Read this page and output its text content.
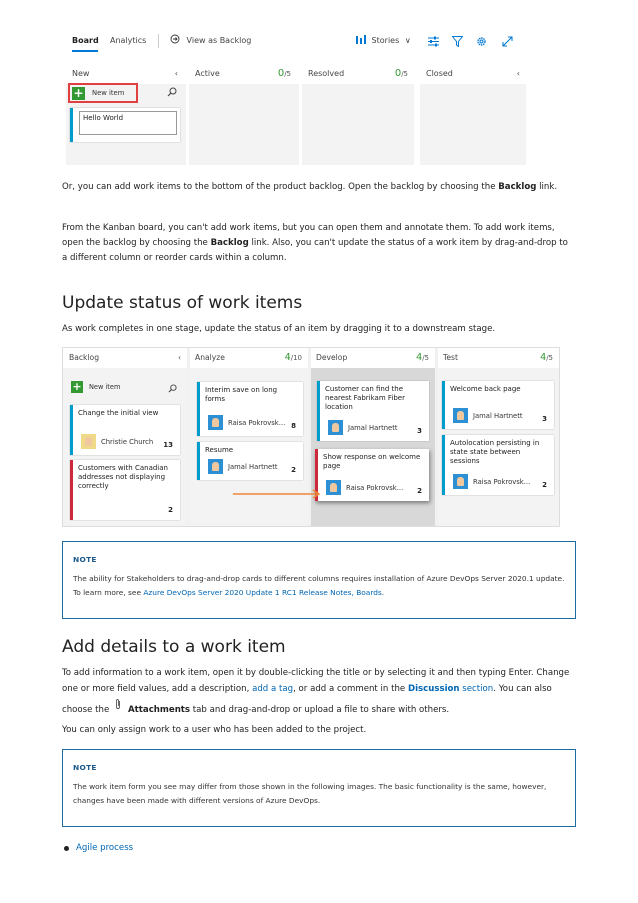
Board Analytics	View as Backlog	Stories ∨
New	‹
+ New item
Hello World
Active	0/5	Resolved	0/5	Closed	‹

Or, you can add work items to the bottom of the product backlog. Open the backlog by choosing the Backlog link.

From the Kanban board, you can't add work items, but you can open them and annotate them. To add work items, open the backlog by choosing the Backlog link. Also, you can't update the status of a work item by drag-and-drop to a different column or reorder cards within a column.

Update status of work items

As work completes in one stage, update the status of an item by dragging it to a downstream stage.

Backlog	‹
+ New item
Change the initial view
Christie Church 13
Customers with Canadian addresses not displaying correctly
2
Analyze	4/10
Interim save on long forms
Raisa Pokrovsk... 8
Resume
Jamal Hartnett 2
Develop	4/5
Customer can find the nearest Fabrikam Fiber location
Jamal Hartnett	3
Show response on welcome page
Raisa Pokrovsk... 2
Test	4/5
Welcome back page
Jamal Hartnett	3
Autolocation persisting in state state between sessions
Raisa Pokrovsk... 2
NOTE
The ability for Stakeholders to drag-and-drop cards to different columns requires installation of Azure DevOps Server 2020.1 update. To learn more, see Azure DevOps Server 2020 Update 1 RC1 Release Notes, Boards.
Add details to a work item

To add information to a work item, open it by double-clicking the title or by selecting it and then typing Enter. Change one or more field values, add a description, add a tag, or add a comment in the Discussion section. You can also choose the Attachments tab and drag-and-drop or upload a file to share with others.

You can only assign work to a user who has been added to the project.

NOTE
The work item form you see may differ from those shown in the following images. The basic functionality is the same, however, changes have been made with different versions of Azure DevOps.
Agile process
